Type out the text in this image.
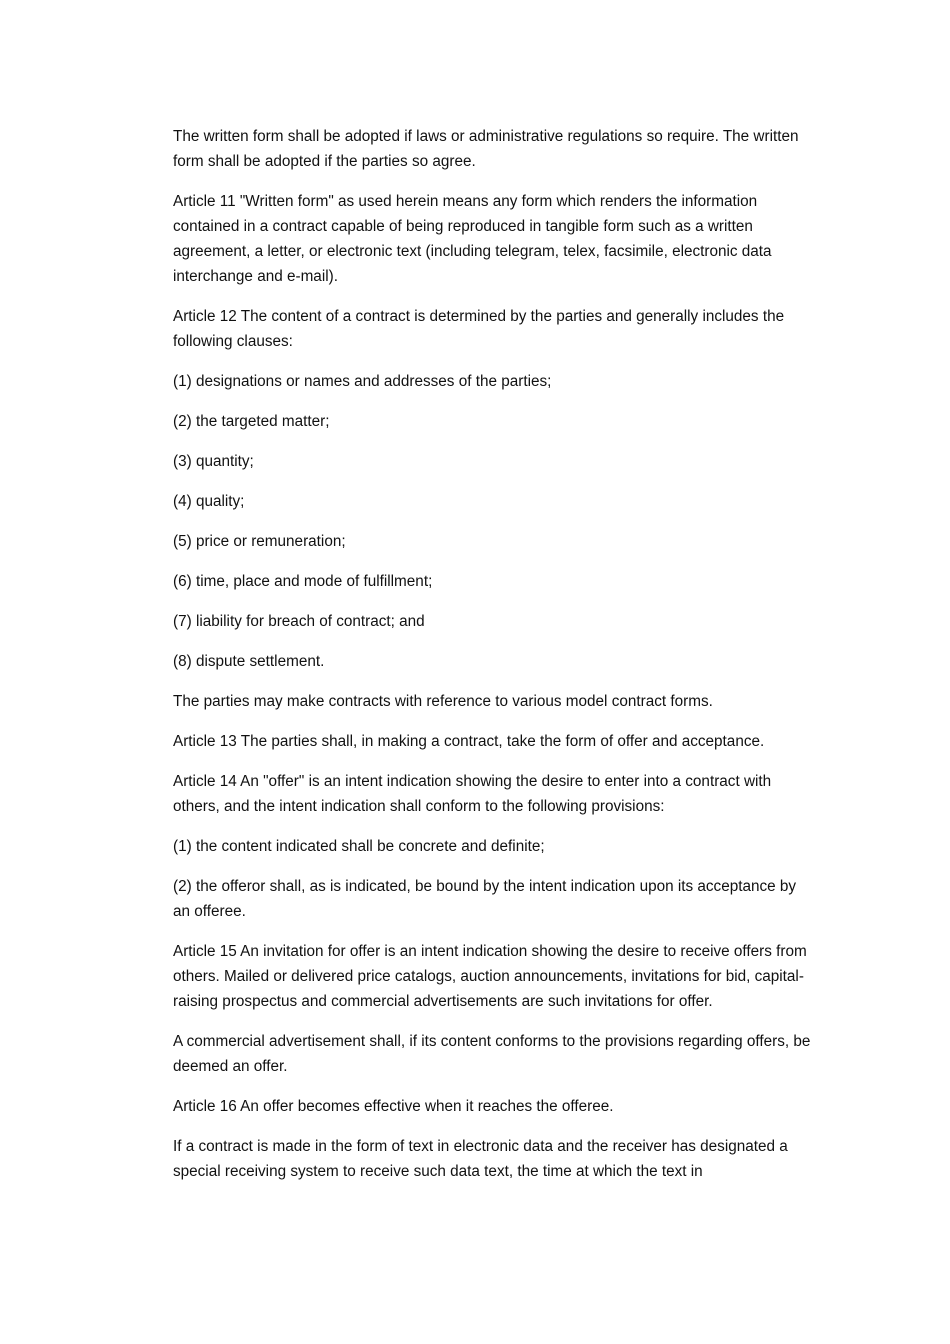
The written form shall be adopted if laws or administrative regulations so require. The written form shall be adopted if the parties so agree.

Article 11 "Written form" as used herein means any form which renders the information contained in a contract capable of being reproduced in tangible form such as a written agreement, a letter, or electronic text (including telegram, telex, facsimile, electronic data interchange and e-mail).

Article 12 The content of a contract is determined by the parties and generally includes the following clauses:

(1) designations or names and addresses of the parties;

(2) the targeted matter;

(3) quantity;

(4) quality;

(5) price or remuneration;

(6) time, place and mode of fulfillment;

(7) liability for breach of contract; and

(8) dispute settlement.

The parties may make contracts with reference to various model contract forms.

Article 13 The parties shall, in making a contract, take the form of offer and acceptance.

Article 14 An "offer" is an intent indication showing the desire to enter into a contract with others, and the intent indication shall conform to the following provisions:

(1) the content indicated shall be concrete and definite;

(2) the offeror shall, as is indicated, be bound by the intent indication upon its acceptance by an offeree.

Article 15 An invitation for offer is an intent indication showing the desire to receive offers from others. Mailed or delivered price catalogs, auction announcements, invitations for bid, capital-raising prospectus and commercial advertisements are such invitations for offer.

A commercial advertisement shall, if its content conforms to the provisions regarding offers, be deemed an offer.

Article 16 An offer becomes effective when it reaches the offeree.

If a contract is made in the form of text in electronic data and the receiver has designated a special receiving system to receive such data text, the time at which the text in
